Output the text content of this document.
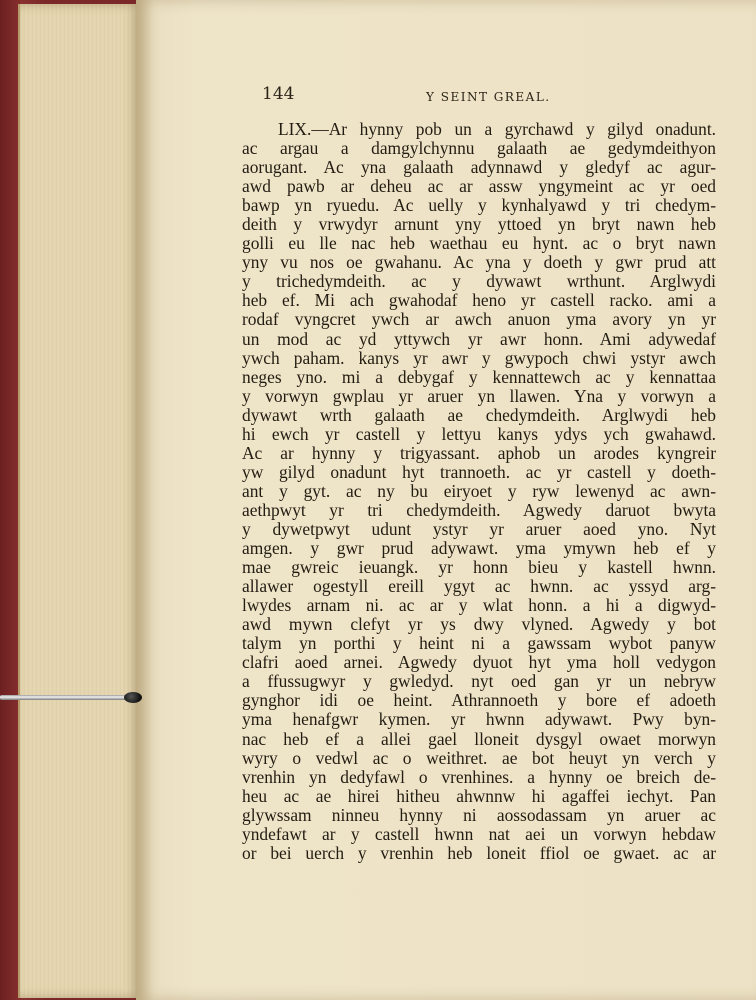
144	Y SEINT GREAL.
LIX.—Ar hynny pob un a gyrchawd y gilyd onadunt.
ac argau a damgylchynnu galaath ae gedymdeithyon
aorugant. Ac yna galaath adynnawd y gledyf ac agur-
awd pawb ar deheu ac ar assw yngymeint ac yr oed
bawp yn ryuedu. Ac uelly y kynhalyawd y tri chedym-
deith y vrwydyr arnunt yny yttoed yn bryt nawn heb
golli eu lle nac heb waethau eu hynt. ac o bryt nawn
yny vu nos oe gwahanu. Ac yna y doeth y gwr prud att
y trichedymdeith. ac y dywawt wrthunt. Arglwydi
heb ef. Mi ach gwahodaf heno yr castell racko. ami a
rodaf vyngcret ywch ar awch anuon yma avory yn yr
un mod ac yd yttywch yr awr honn. Ami adywedaf
ywch paham. kanys yr awr y gwypoch chwi ystyr awch
neges yno. mi a debygaf y kennattewch ac y kennattaa
y vorwyn gwplau yr aruer yn llawen. Yna y vorwyn a
dywawt wrth galaath ae chedymdeith. Arglwydi heb
hi ewch yr castell y lettyu kanys ydys ych gwahawd.
Ac ar hynny y trigyassant. aphob un arodes kyngreir
yw gilyd onadunt hyt trannoeth. ac yr castell y doeth-
ant y gyt. ac ny bu eiryoet y ryw lewenyd ac awn-
aethpwyt yr tri chedymdeith. Agwedy daruot bwyta
y dywetpwyt udunt ystyr yr aruer aoed yno. Nyt
amgen. y gwr prud adywawt. yma ymywn heb ef y
mae gwreic ieuangk. yr honn bieu y kastell hwnn.
allawer ogestyll ereill ygyt ac hwnn. ac yssyd arg-
lwydes arnam ni. ac ar y wlat honn. a hi a digwyd-
awd mywn clefyt yr ys dwy vlyned. Agwedy y bot
talym yn porthi y heint ni a gawssam wybot panyw
clafri aoed arnei. Agwedy dyuot hyt yma holl vedygon
a ffussugwyr y gwledyd. nyt oed gan yr un nebryw
gynghor idi oe heint. Athrannoeth y bore ef adoeth
yma henafgwr kymen. yr hwnn adywawt. Pwy byn-
nac heb ef a allei gael lloneit dysgyl owaet morwyn
wyry o vedwl ac o weithret. ae bot heuyt yn verch y
vrenhin yn dedyfawl o vrenhines. a hynny oe breich de-
heu ac ae hirei hitheu ahwnnw hi agaffei iechyt. Pan
glywssam ninneu hynny ni aossodassam yn aruer ac
yndefawt ar y castell hwnn nat aei un vorwyn hebdaw
or bei uerch y vrenhin heb loneit ffiol oe gwaet. ac ar
